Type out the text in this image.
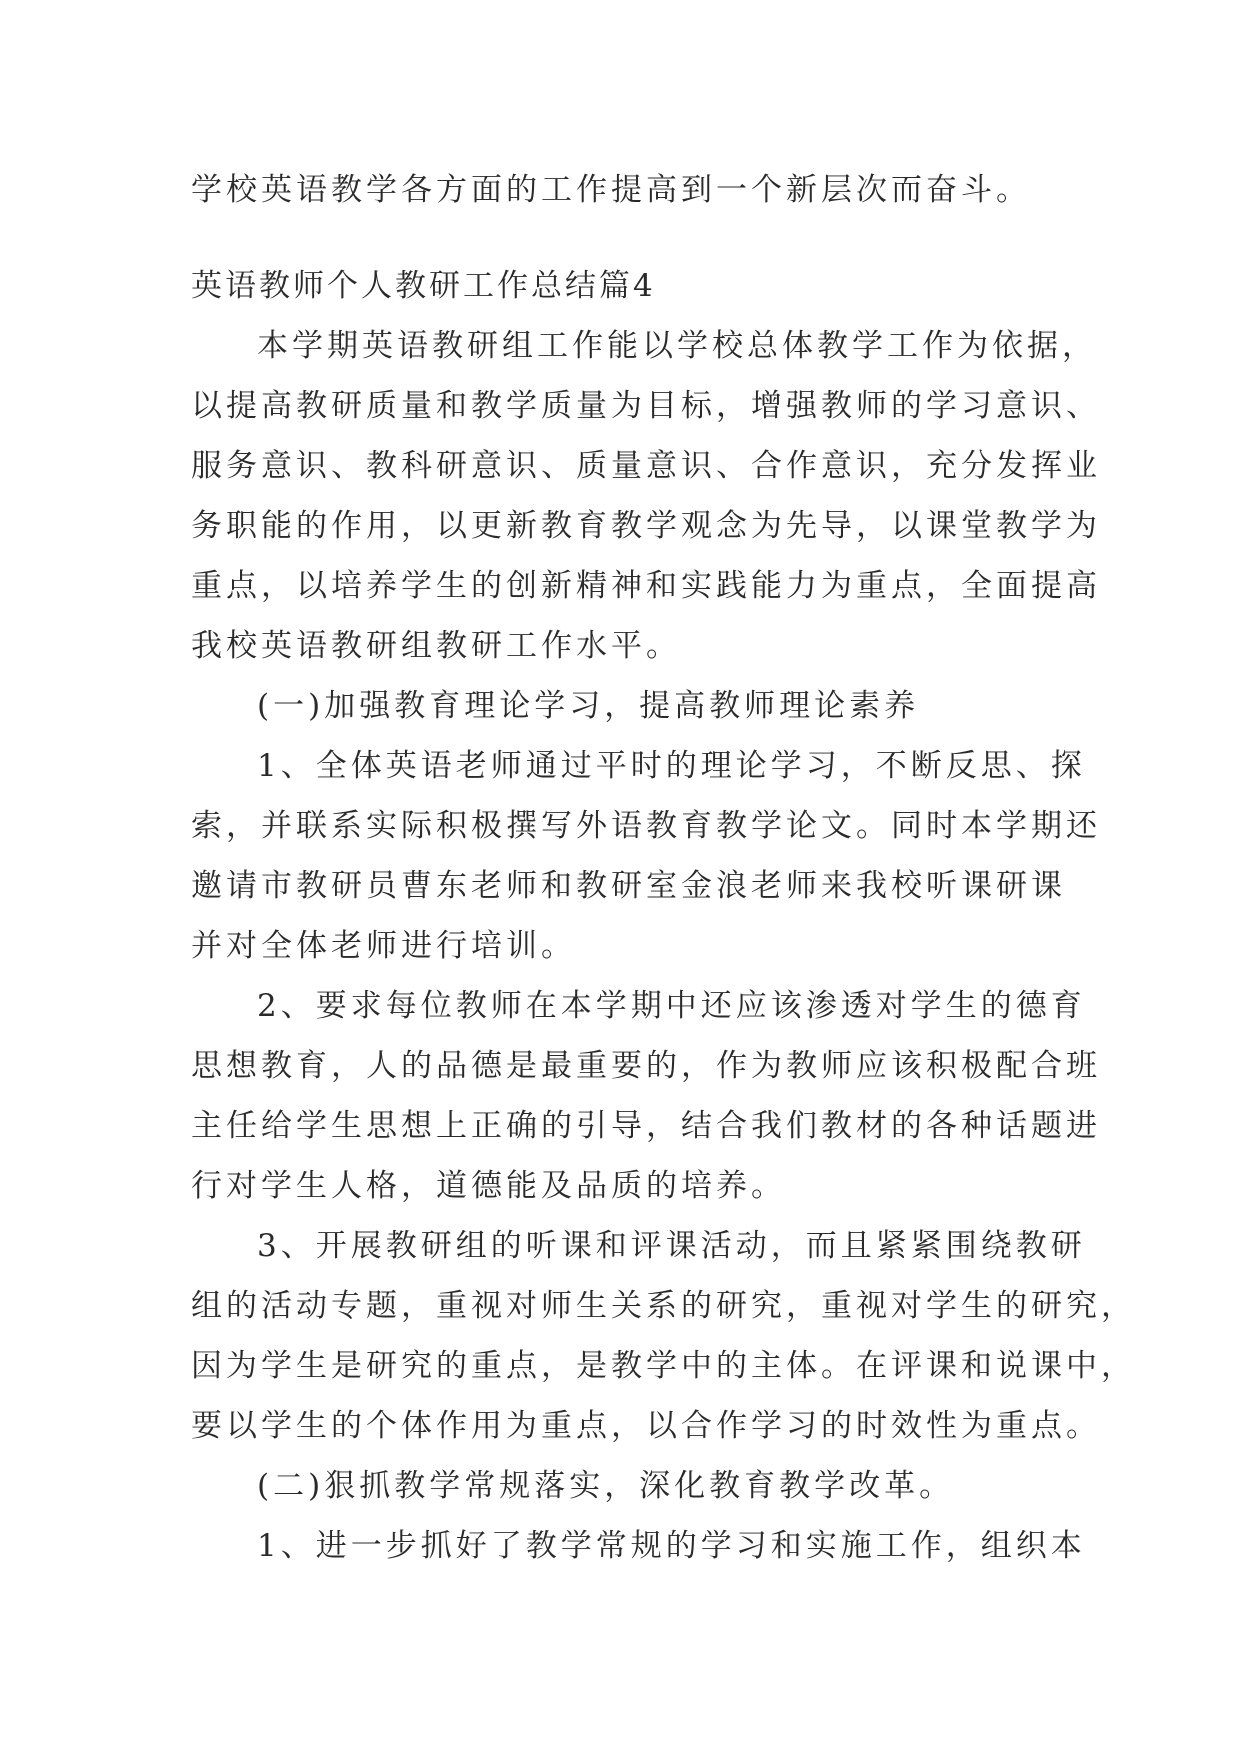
学校英语教学各方面的工作提高到一个新层次而奋斗。

英语教师个人教研工作总结篇4

本学期英语教研组工作能以学校总体教学工作为依据，

以提高教研质量和教学质量为目标，增强教师的学习意识、

服务意识、教科研意识、质量意识、合作意识，充分发挥业

务职能的作用，以更新教育教学观念为先导，以课堂教学为

重点，以培养学生的创新精神和实践能力为重点，全面提高

我校英语教研组教研工作水平。

(一)加强教育理论学习，提高教师理论素养

1、全体英语老师通过平时的理论学习，不断反思、探

索，并联系实际积极撰写外语教育教学论文。同时本学期还

邀请市教研员曹东老师和教研室金浪老师来我校听课研课

并对全体老师进行培训。

2、要求每位教师在本学期中还应该渗透对学生的德育

思想教育，人的品德是最重要的，作为教师应该积极配合班

主任给学生思想上正确的引导，结合我们教材的各种话题进

行对学生人格，道德能及品质的培养。

3、开展教研组的听课和评课活动，而且紧紧围绕教研

组的活动专题，重视对师生关系的研究，重视对学生的研究，

因为学生是研究的重点，是教学中的主体。在评课和说课中，

要以学生的个体作用为重点，以合作学习的时效性为重点。

(二)狠抓教学常规落实，深化教育教学改革。

1、进一步抓好了教学常规的学习和实施工作，组织本
